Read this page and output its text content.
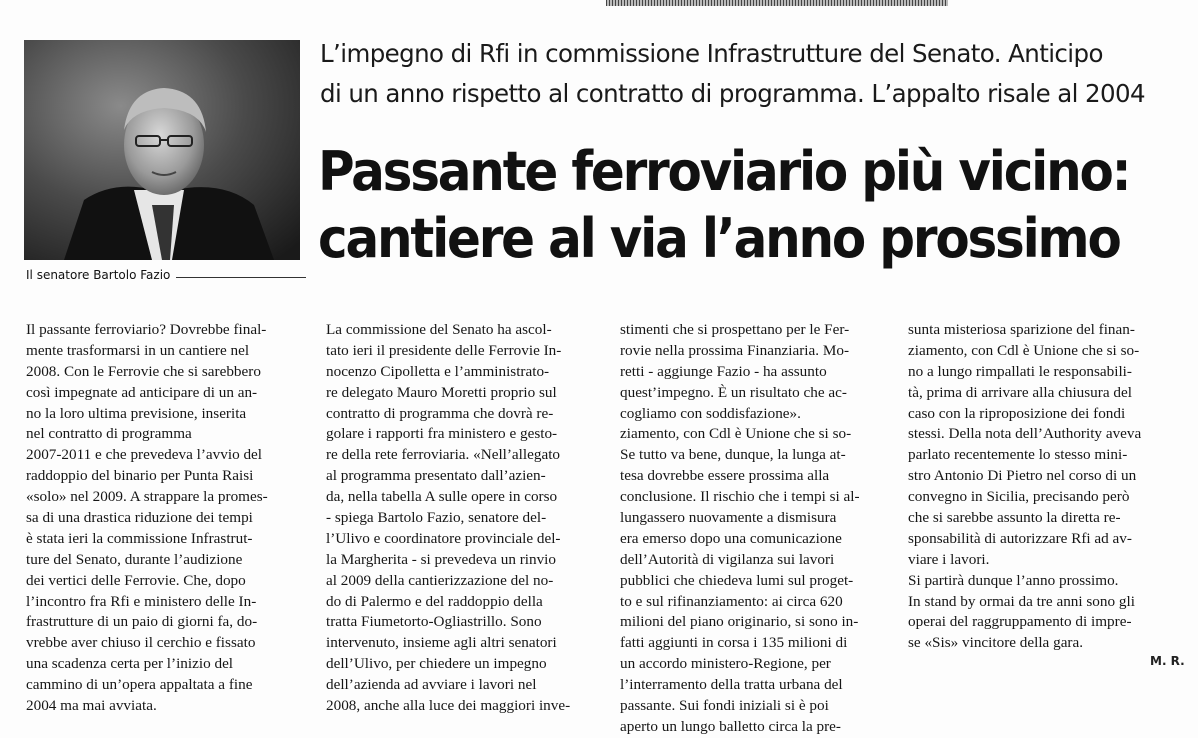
Il senatore Bartolo Fazio
L’impegno di Rfi in commissione Infrastrutture del Senato. Anticipo
di un anno rispetto al contratto di programma. L’appalto risale al 2004
Passante ferroviario più vicino:
cantiere al via l’anno prossimo
Il passante ferroviario? Dovrebbe final-
mente trasformarsi in un cantiere nel
2008. Con le Ferrovie che si sarebbero
così impegnate ad anticipare di un an-
no la loro ultima previsione, inserita
nel contratto di programma
2007-2011 e che prevedeva l’avvio del
raddoppio del binario per Punta Raisi
«solo» nel 2009. A strappare la promes-
sa di una drastica riduzione dei tempi
è stata ieri la commissione Infrastrut-
ture del Senato, durante l’audizione
dei vertici delle Ferrovie. Che, dopo
l’incontro fra Rfi e ministero delle In-
frastrutture di un paio di giorni fa, do-
vrebbe aver chiuso il cerchio e fissato
una scadenza certa per l’inizio del
cammino di un’opera appaltata a fine
2004 ma mai avviata.
La commissione del Senato ha ascol-
tato ieri il presidente delle Ferrovie In-
nocenzo Cipolletta e l’amministrato-
re delegato Mauro Moretti proprio sul
contratto di programma che dovrà re-
golare i rapporti fra ministero e gesto-
re della rete ferroviaria. «Nell’allegato
al programma presentato dall’azien-
da, nella tabella A sulle opere in corso
- spiega Bartolo Fazio, senatore del-
l’Ulivo e coordinatore provinciale del-
la Margherita - si prevedeva un rinvio
al 2009 della cantierizzazione del no-
do di Palermo e del raddoppio della
tratta Fiumetorto-Ogliastrillo. Sono
intervenuto, insieme agli altri senatori
dell’Ulivo, per chiedere un impegno
dell’azienda ad avviare i lavori nel
2008, anche alla luce dei maggiori inve-
stimenti che si prospettano per le Fer-
rovie nella prossima Finanziaria. Mo-
retti - aggiunge Fazio - ha assunto
quest’impegno. È un risultato che ac-
cogliamo con soddisfazione».
ziamento, con Cdl è Unione che si so-
Se tutto va bene, dunque, la lunga at-
tesa dovrebbe essere prossima alla
conclusione. Il rischio che i tempi si al-
lungassero nuovamente a dismisura
era emerso dopo una comunicazione
dell’Autorità di vigilanza sui lavori
pubblici che chiedeva lumi sul proget-
to e sul rifinanziamento: ai circa 620
milioni del piano originario, si sono in-
fatti aggiunti in corsa i 135 milioni di
un accordo ministero-Regione, per
l’interramento della tratta urbana del
passante. Sui fondi iniziali si è poi
aperto un lungo balletto circa la pre-
sunta misteriosa sparizione del finan-
ziamento, con Cdl è Unione che si so-
no a lungo rimpallati le responsabili-
tà, prima di arrivare alla chiusura del
caso con la riproposizione dei fondi
stessi. Della nota dell’Authority aveva
parlato recentemente lo stesso mini-
stro Antonio Di Pietro nel corso di un
convegno in Sicilia, precisando però
che si sarebbe assunto la diretta re-
sponsabilità di autorizzare Rfi ad av-
viare i lavori.
Si partirà dunque l’anno prossimo.
In stand by ormai da tre anni sono gli
operai del raggruppamento di impre-
se «Sis» vincitore della gara.
M. R.
